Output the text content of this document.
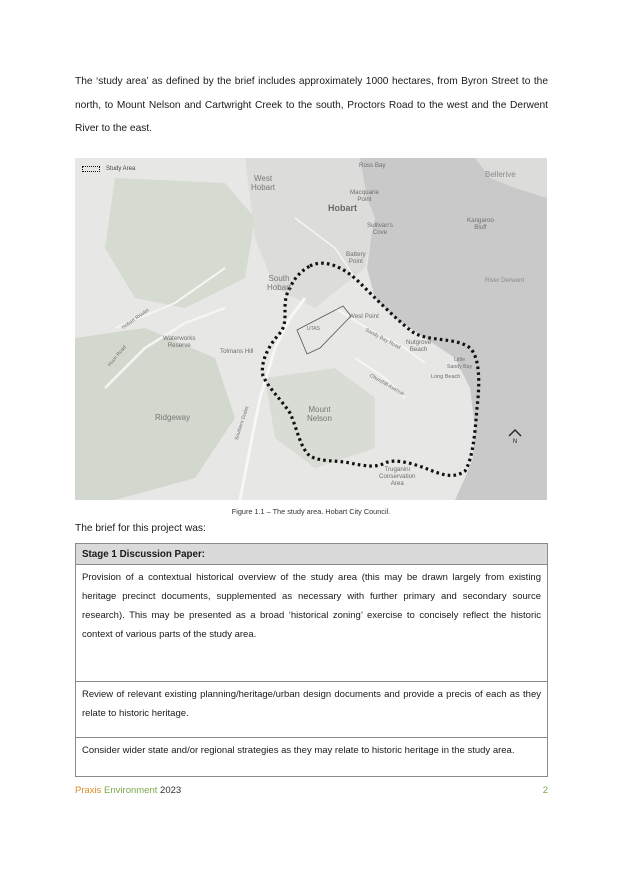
The ‘study area’ as defined by the brief includes approximately 1000 hectares, from Byron Street to the north, to Mount Nelson and Cartwright Creek to the south, Proctors Road to the west and the Derwent River to the east.

Study Area	Ross Bay
West
Hobart
Macquarie
Point
Hobart
Bellerive
Sullivan's
Cove
Kangaroo
Bluff
Battery
Point
South
Hobart
River Derwent
West Point
UTAS
Waterworks
Reserve	Sandy Bay Road Nutgrove
Beach
Tolmans Hill
Little
Sandy Bay
Long Beach
Churchill Avenue
Ridgeway
Mount
Nelson
Southern Outlet
Huon Road
Hobart Rivulet
Truganini
Conservation
Area
N
Figure 1.1 – The study area. Hobart City Council.
The brief for this project was:
Stage 1 Discussion Paper:

Provision of a contextual historical overview of the study area (this may be drawn largely from existing heritage precinct documents, supplemented as necessary with further primary and secondary source research). This may be presented as a broad ‘historical zoning’ exercise to concisely reflect the historic context of various parts of the study area.

Review of relevant existing planning/heritage/urban design documents and provide a precis of each as they relate to historic heritage.

Consider wider state and/or regional strategies as they may relate to historic heritage in the study area.

Praxis Environment 2023	2
